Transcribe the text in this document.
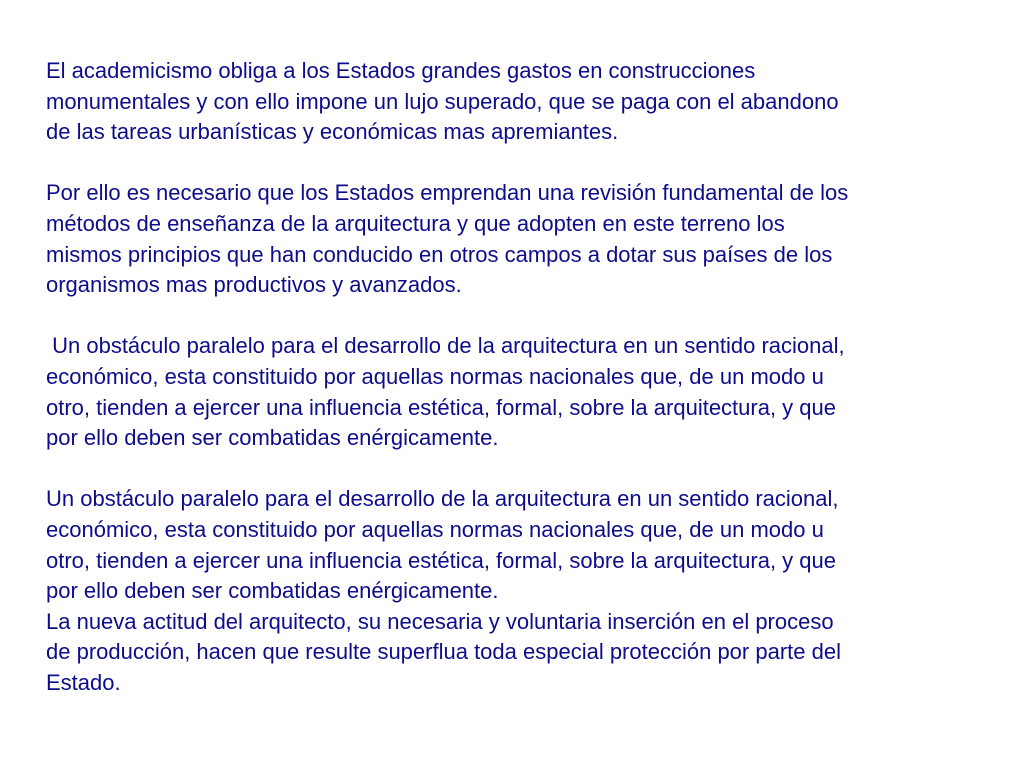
El academicismo obliga a los Estados grandes gastos en construcciones
monumentales y con ello impone un lujo superado, que se paga con el abandono
de las tareas urbanísticas y económicas mas apremiantes.

Por ello es necesario que los Estados emprendan una revisión fundamental de los
métodos de enseñanza de la arquitectura y que adopten en este terreno los
mismos principios que han conducido en otros campos a dotar sus países de los
organismos mas productivos y avanzados.

Un obstáculo paralelo para el desarrollo de la arquitectura en un sentido racional,
económico, esta constituido por aquellas normas nacionales que, de un modo u
otro, tienden a ejercer una influencia estética, formal, sobre la arquitectura, y que
por ello deben ser combatidas enérgicamente.

Un obstáculo paralelo para el desarrollo de la arquitectura en un sentido racional,
económico, esta constituido por aquellas normas nacionales que, de un modo u
otro, tienden a ejercer una influencia estética, formal, sobre la arquitectura, y que
por ello deben ser combatidas enérgicamente.

La nueva actitud del arquitecto, su necesaria y voluntaria inserción en el proceso
de producción, hacen que resulte superflua toda especial protección por parte del
Estado.
